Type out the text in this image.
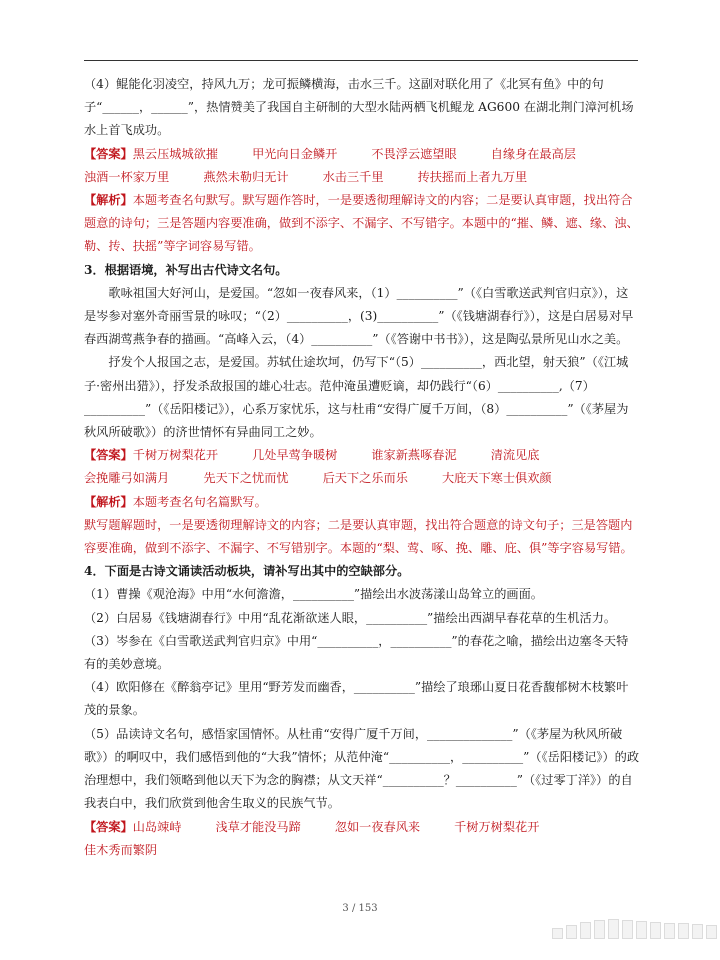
（4）鲲能化羽凌空，持风九万；龙可振鳞横海，击水三千。这副对联化用了《北冥有鱼》中的句子“______，______”，热情赞美了我国自主研制的大型水陆两栖飞机鲲龙 AG600 在湖北荆门漳河机场水上首飞成功。

【答案】 黑云压城城欲摧	甲光向日金鳞开	不畏浮云遮望眼	自缘身在最高层
浊酒一杯家万里	燕然未勒归无计	水击三千里	抟扶摇而上者九万里

【解析】本题考查名句默写。默写题作答时，一是要透彻理解诗文的内容；二是要认真审题，找出符合题意的诗句；三是答题内容要准确，做到不添字、不漏字、不写错字。本题中的“摧、鳞、遮、缘、浊、勒、抟、扶摇”等字词容易写错。

3．根据语境，补写出古代诗文名句。

歌咏祖国大好河山，是爱国。“忽如一夜春风来，（1）__________”（《白雪歌送武判官归京》），这是岑参对塞外奇丽雪景的咏叹；“（2）__________，(3)__________”（《钱塘湖春行》），这是白居易对早春西湖莺燕争春的描画。“高峰入云，（4）__________”（《答谢中书书》），这是陶弘景所见山水之美。

抒发个人报国之志，是爱国。苏轼仕途坎坷，仍写下“（5）__________，西北望，射天狼”（《江城子·密州出猎》），抒发杀敌报国的雄心壮志。范仲淹虽遭贬谪，却仍践行“（6）__________,（7）__________”（《岳阳楼记》），心系万家忧乐，这与杜甫“安得广厦千万间，（8）__________”（《茅屋为秋风所破歌》）的济世情怀有异曲同工之妙。

【答案】 千树万树梨花开	几处早莺争暖树	谁家新燕啄春泥	清流见底
会挽雕弓如满月	先天下之忧而忧	后天下之乐而乐	大庇天下寒士俱欢颜

【解析】本题考查名句名篇默写。

默写题解题时，一是要透彻理解诗文的内容；二是要认真审题，找出符合题意的诗文句子；三是答题内容要准确，做到不添字、不漏字、不写错别字。本题的“梨、莺、啄、挽、雕、庇、俱”等字容易写错。

4．下面是古诗文诵读活动板块，请补写出其中的空缺部分。

（1）曹操《观沧海》中用“水何澹澹，__________”描绘出水波荡漾山岛耸立的画面。

（2）白居易《钱塘湖春行》中用“乱花渐欲迷人眼，__________”描绘出西湖早春花草的生机活力。

（3）岑参在《白雪歌送武判官归京》中用“__________，__________”的春花之喻，描绘出边塞冬天特有的美妙意境。

（4）欧阳修在《醉翁亭记》里用“野芳发而幽香，__________”描绘了琅琊山夏日花香馥郁树木枝繁叶茂的景象。

（5）品读诗文名句，感悟家国情怀。从杜甫“安得广厦千万间，______________”（《茅屋为秋风所破歌》）的啊叹中，我们感悟到他的“大我”情怀；从范仲淹“__________，__________”（《岳阳楼记》）的政治理想中，我们领略到他以天下为念的胸襟；从文天祥“__________？__________”（《过零丁洋》）的自我表白中，我们欣赏到他舍生取义的民族气节。

【答案】 山岛竦峙	浅草才能没马蹄	忽如一夜春风来	千树万树梨花开
佳木秀而繁阴
3 / 153
